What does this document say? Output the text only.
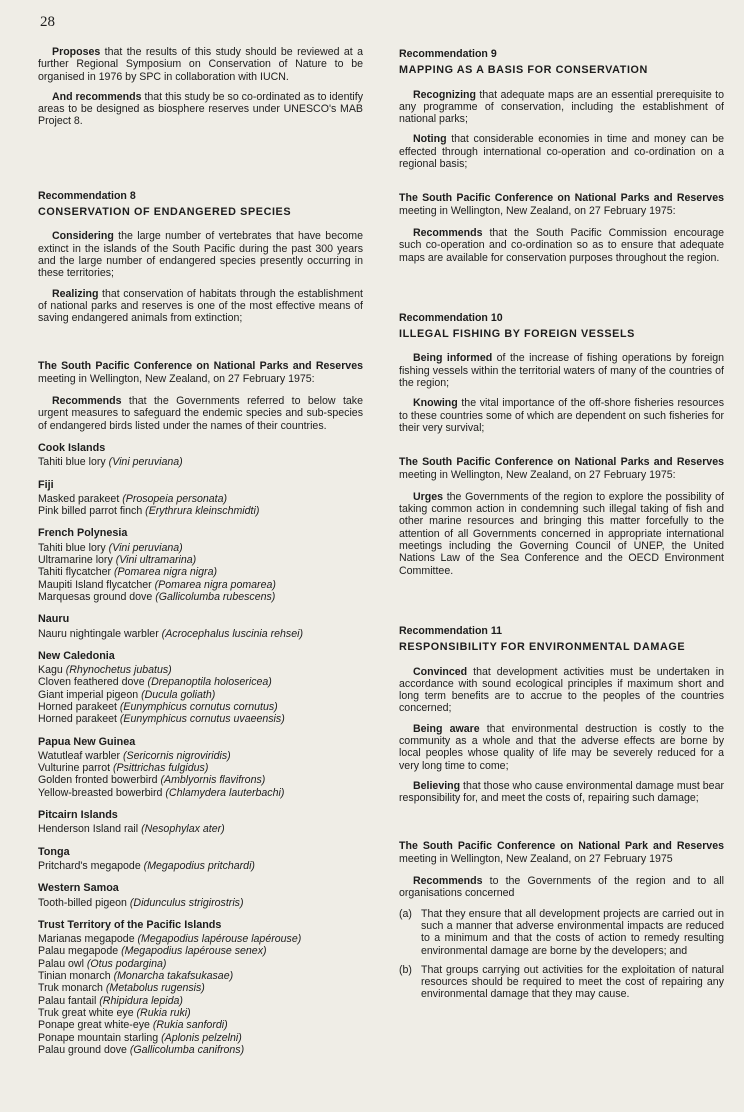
28

Proposes that the results of this study should be reviewed at a further Regional Symposium on Conservation of Nature to be organised in 1976 by SPC in collaboration with IUCN.

And recommends that this study be so co-ordinated as to identify areas to be designed as biosphere reserves under UNESCO's MAB Project 8.

Recommendation 8
CONSERVATION OF ENDANGERED SPECIES

Considering the large number of vertebrates that have become extinct in the islands of the South Pacific during the past 300 years and the large number of endangered species presently occurring in these territories;

Realizing that conservation of habitats through the establishment of national parks and reserves is one of the most effective means of saving endangered animals from extinction;

The South Pacific Conference on National Parks and Reserves meeting in Wellington, New Zealand, on 27 February 1975:

Recommends that the Governments referred to below take urgent measures to safeguard the endemic species and sub-species of endangered birds listed under the names of their countries.

Cook Islands
Tahiti blue lory (Vini peruviana)
Fiji
Masked parakeet (Prosopeia personata)
Pink billed parrot finch (Erythrura kleinschmidti)
French Polynesia
Tahiti blue lory (Vini peruviana)
Ultramarine lory (Vini ultramarina)
Tahiti flycatcher (Pomarea nigra nigra)
Maupiti Island flycatcher (Pomarea nigra pomarea)
Marquesas ground dove (Gallicolumba rubescens)
Nauru
Nauru nightingale warbler (Acrocephalus luscinia rehsei)
New Caledonia
Kagu (Rhynochetus jubatus)
Cloven feathered dove (Drepanoptila holosericea)
Giant imperial pigeon (Ducula goliath)
Horned parakeet (Eunymphicus cornutus cornutus)
Horned parakeet (Eunymphicus cornutus uvaeensis)
Papua New Guinea
Watutleaf warbler (Sericornis nigroviridis)
Vulturine parrot (Psittrichas fulgidus)
Golden fronted bowerbird (Amblyornis flavifrons)
Yellow-breasted bowerbird (Chlamydera lauterbachi)
Pitcairn Islands
Henderson Island rail (Nesophylax ater)
Tonga
Pritchard's megapode (Megapodius pritchardi)
Western Samoa
Tooth-billed pigeon (Didunculus strigirostris)
Trust Territory of the Pacific Islands
Marianas megapode (Megapodius lapérouse lapérouse)
Palau megapode (Megapodius lapérouse senex)
Palau owl (Otus podargina)
Tinian monarch (Monarcha takafsukasae)
Truk monarch (Metabolus rugensis)
Palau fantail (Rhipidura lepida)
Truk great white eye (Rukia ruki)
Ponape great white-eye (Rukia sanfordi)
Ponape mountain starling (Aplonis pelzelni)
Palau ground dove (Gallicolumba canifrons)
Recommendation 9
MAPPING AS A BASIS FOR CONSERVATION

Recognizing that adequate maps are an essential prerequisite to any programme of conservation, including the establishment of national parks;

Noting that considerable economies in time and money can be effected through international co-operation and co-ordination on a regional basis;

The South Pacific Conference on National Parks and Reserves meeting in Wellington, New Zealand, on 27 February 1975:

Recommends that the South Pacific Commission encourage such co-operation and co-ordination so as to ensure that adequate maps are available for conservation purposes throughout the region.

Recommendation 10
ILLEGAL FISHING BY FOREIGN VESSELS

Being informed of the increase of fishing operations by foreign fishing vessels within the territorial waters of many of the countries of the region;

Knowing the vital importance of the off-shore fisheries resources to these countries some of which are dependent on such fisheries for their very survival;

The South Pacific Conference on National Parks and Reserves meeting in Wellington, New Zealand, on 27 February 1975:

Urges the Governments of the region to explore the possibility of taking common action in condemning such illegal taking of fish and other marine resources and bringing this matter forcefully to the attention of all Governments concerned in appropriate international meetings including the Governing Council of UNEP, the United Nations Law of the Sea Conference and the OECD Environment Committee.

Recommendation 11
RESPONSIBILITY FOR ENVIRONMENTAL DAMAGE

Convinced that development activities must be undertaken in accordance with sound ecological principles if maximum short and long term benefits are to accrue to the peoples of the countries concerned;

Being aware that environmental destruction is costly to the community as a whole and that the adverse effects are borne by local peoples whose quality of life may be severely reduced for a very long time to come;

Believing that those who cause environmental damage must bear responsibility for, and meet the costs of, repairing such damage;

The South Pacific Conference on National Park and Reserves meeting in Wellington, New Zealand, on 27 February 1975

Recommends to the Governments of the region and to all organisations concerned

(a) That they ensure that all development projects are carried out in such a manner that adverse environmental impacts are reduced to a minimum and that the costs of action to remedy resulting environmental damage are borne by the developers; and
(b) That groups carrying out activities for the exploitation of natural resources should be required to meet the cost of repairing any environmental damage that they may cause.
